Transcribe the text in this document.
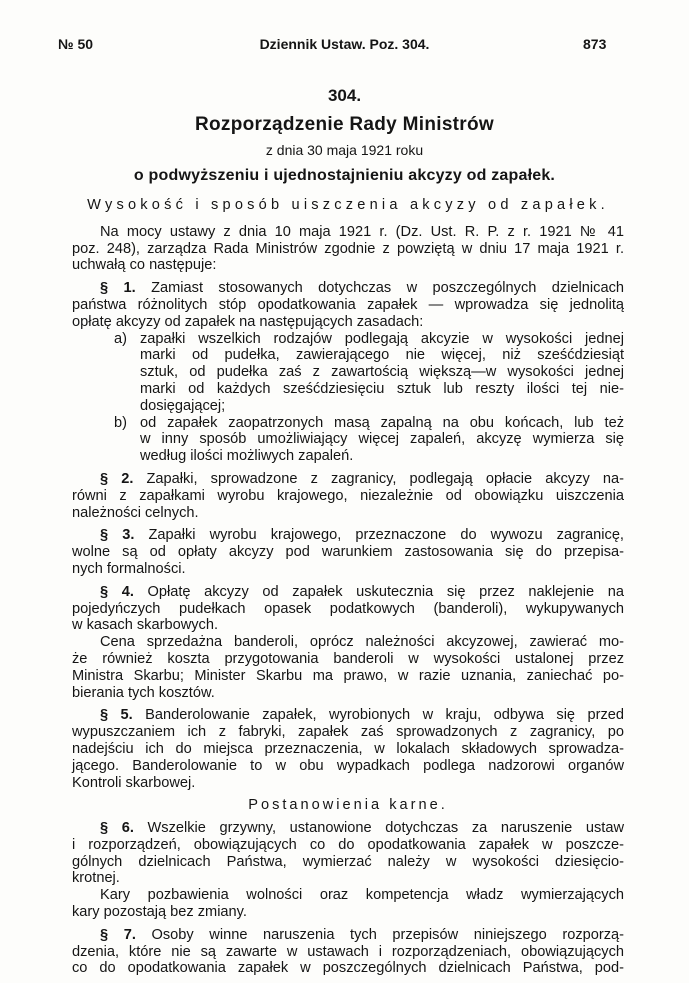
№ 50	Dziennik Ustaw. Poz. 304.	873
304.
Rozporządzenie Rady Ministrów
z dnia 30 maja 1921 roku
o podwyższeniu i ujednostajnieniu akcyzy od zapałek.
Wysokość i sposób uiszczenia akcyzy od zapałek.
Na mocy ustawy z dnia 10 maja 1921 r. (Dz. Ust. R. P. z r. 1921 № 41
poz. 248), zarządza Rada Ministrów zgodnie z powziętą w dniu 17 maja 1921 r.
uchwałą co następuje:
§ 1. Zamiast stosowanych dotychczas w poszczególnych dzielnicach
państwa różnolitych stóp opodatkowania zapałek — wprowadza się jednolitą
opłatę akcyzy od zapałek na następujących zasadach:
a) zapałki wszelkich rodzajów podlegają akcyzie w wysokości jednej
marki od pudełka, zawierającego nie więcej, niż sześćdziesiąt
sztuk, od pudełka zaś z zawartością większą—w wysokości jednej
marki od każdych sześćdziesięciu sztuk lub reszty ilości tej nie-
dosięgającej;
b) od zapałek zaopatrzonych masą zapalną na obu końcach, lub też
w inny sposób umożliwiający więcej zapaleń, akcyzę wymierza się
według ilości możliwych zapaleń.
§ 2. Zapałki, sprowadzone z zagranicy, podlegają opłacie akcyzy na-
równi z zapałkami wyrobu krajowego, niezależnie od obowiązku uiszczenia
należności celnych.
§ 3. Zapałki wyrobu krajowego, przeznaczone do wywozu zagranicę,
wolne są od opłaty akcyzy pod warunkiem zastosowania się do przepisa-
nych formalności.
§ 4. Opłatę akcyzy od zapałek uskutecznia się przez naklejenie na
pojedyńczych pudełkach opasek podatkowych (banderoli), wykupywanych
w kasach skarbowych.
Cena sprzedażna banderoli, oprócz należności akcyzowej, zawierać mo-
że również koszta przygotowania banderoli w wysokości ustalonej przez
Ministra Skarbu; Minister Skarbu ma prawo, w razie uznania, zaniechać po-
bierania tych kosztów.
§ 5. Banderolowanie zapałek, wyrobionych w kraju, odbywa się przed
wypuszczaniem ich z fabryki, zapałek zaś sprowadzonych z zagranicy, po
nadejściu ich do miejsca przeznaczenia, w lokalach składowych sprowadza-
jącego. Banderolowanie to w obu wypadkach podlega nadzorowi organów
Kontroli skarbowej.
Postanowienia karne.
§ 6. Wszelkie grzywny, ustanowione dotychczas za naruszenie ustaw
i rozporządzeń, obowiązujących co do opodatkowania zapałek w poszcze-
gólnych dzielnicach Państwa, wymierzać należy w wysokości dziesięcio-
krotnej.
Kary pozbawienia wolności oraz kompetencja władz wymierzających
kary pozostają bez zmiany.
§ 7. Osoby winne naruszenia tych przepisów niniejszego rozporzą-
dzenia, które nie są zawarte w ustawach i rozporządzeniach, obowiązujących
co do opodatkowania zapałek w poszczególnych dzielnicach Państwa, pod-
